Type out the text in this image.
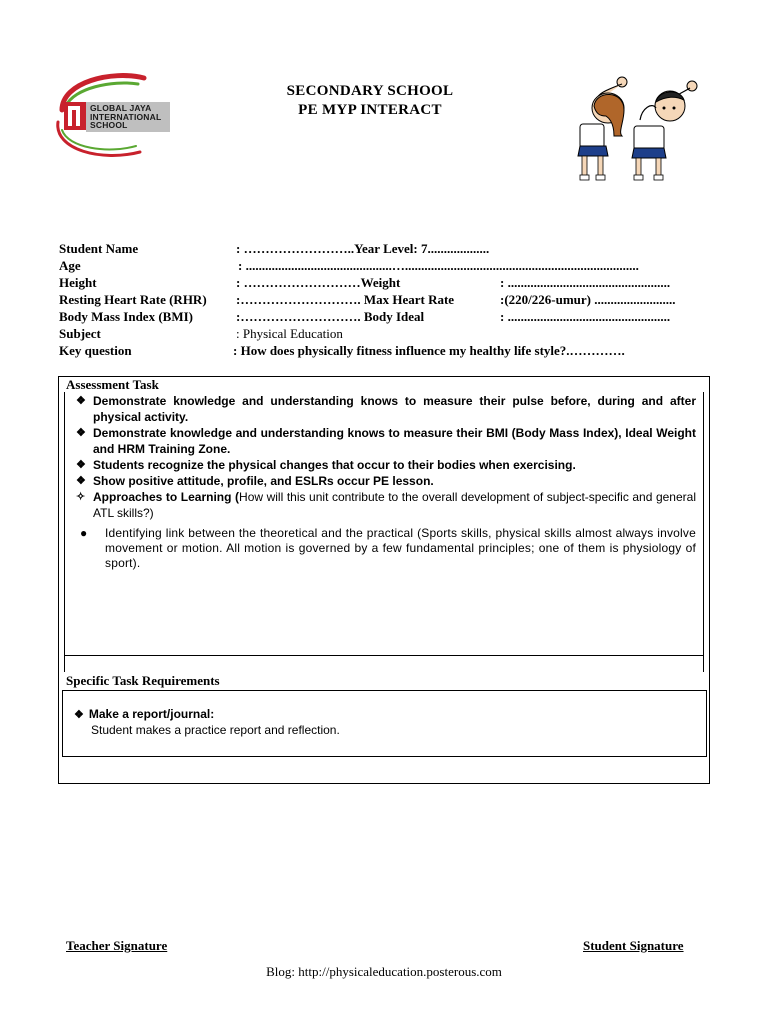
GLOBAL JAYA
INTERNATIONAL
SCHOOL
SECONDARY SCHOOL
PE MYP INTERACT
Student Name	: ……………………..Year Level: 7...................
Age	: .............................................…........................................................................
Height	: ………………………Weight	: ..................................................
Resting Heart Rate (RHR) :………………………. Max Heart Rate	:(220/226-umur) .........................
Body Mass Index (BMI)	:………………………. Body Ideal	: ..................................................
Subject	: Physical Education
Key question	: How does physically fitness influence my healthy life style?.………….
Assessment Task
❖ Demonstrate knowledge and understanding knows to measure their pulse before, during and after physical activity.
❖ Demonstrate knowledge and understanding knows to measure their BMI (Body Mass Index), Ideal Weight and HRM Training Zone.
❖ Students recognize the physical changes that occur to their bodies when exercising.
❖ Show positive attitude, profile, and ESLRs occur PE lesson.
✧ Approaches to Learning (How will this unit contribute to the overall development of subject-specific and general ATL skills?)
● Identifying link between the theoretical and the practical (Sports skills, physical skills almost always involve movement or motion. All motion is governed by a few fundamental principles; one of them is physiology of sport).
Specific Task Requirements
❖ Make a report/journal:
Student makes a practice report and reflection.
Teacher Signature	Student Signature
Blog: http://physicaleducation.posterous.com
